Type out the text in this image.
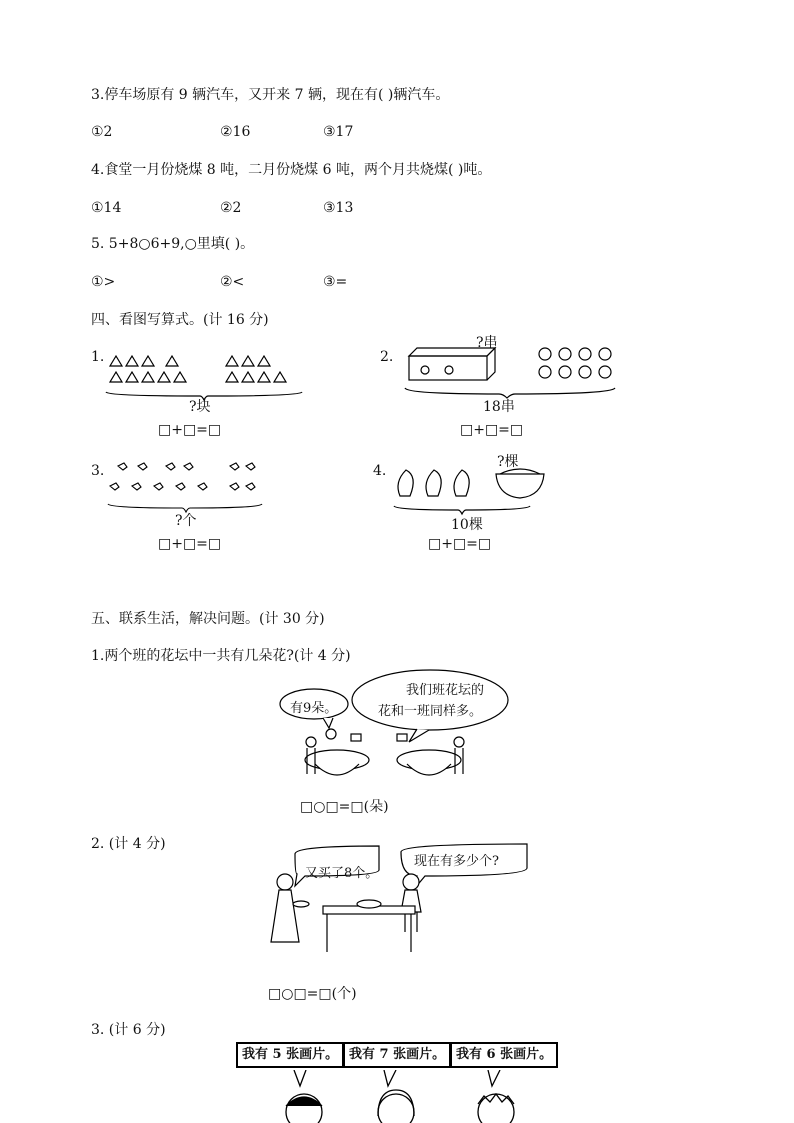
3.停车场原有 9 辆汽车，又开来 7 辆，现在有( )辆汽车。
①2	②16	③17
4.食堂一月份烧煤 8 吨，二月份烧煤 6 吨，两个月共烧煤( )吨。
①14	②2	③13
5. 5+8○6+9,○里填( )。
①>	②<	③=
四、看图写算式。(计 16 分)
1.
?块
□+□=□
2.
?串
18串
□+□=□
3.
?个
□+□=□
4.
?棵
10棵
□+□=□
五、联系生活，解决问题。(计 30 分)
1.两个班的花坛中一共有几朵花?(计 4 分)
有9朵。
我们班花坛的
花和一班同样多。
□○□=□(朵)
2. (计 4 分)
又买了8个。
现在有多少个?
□○□=□(个)
3. (计 6 分)
我有 5 张画片。 我有 7 张画片。 我有 6 张画片。
